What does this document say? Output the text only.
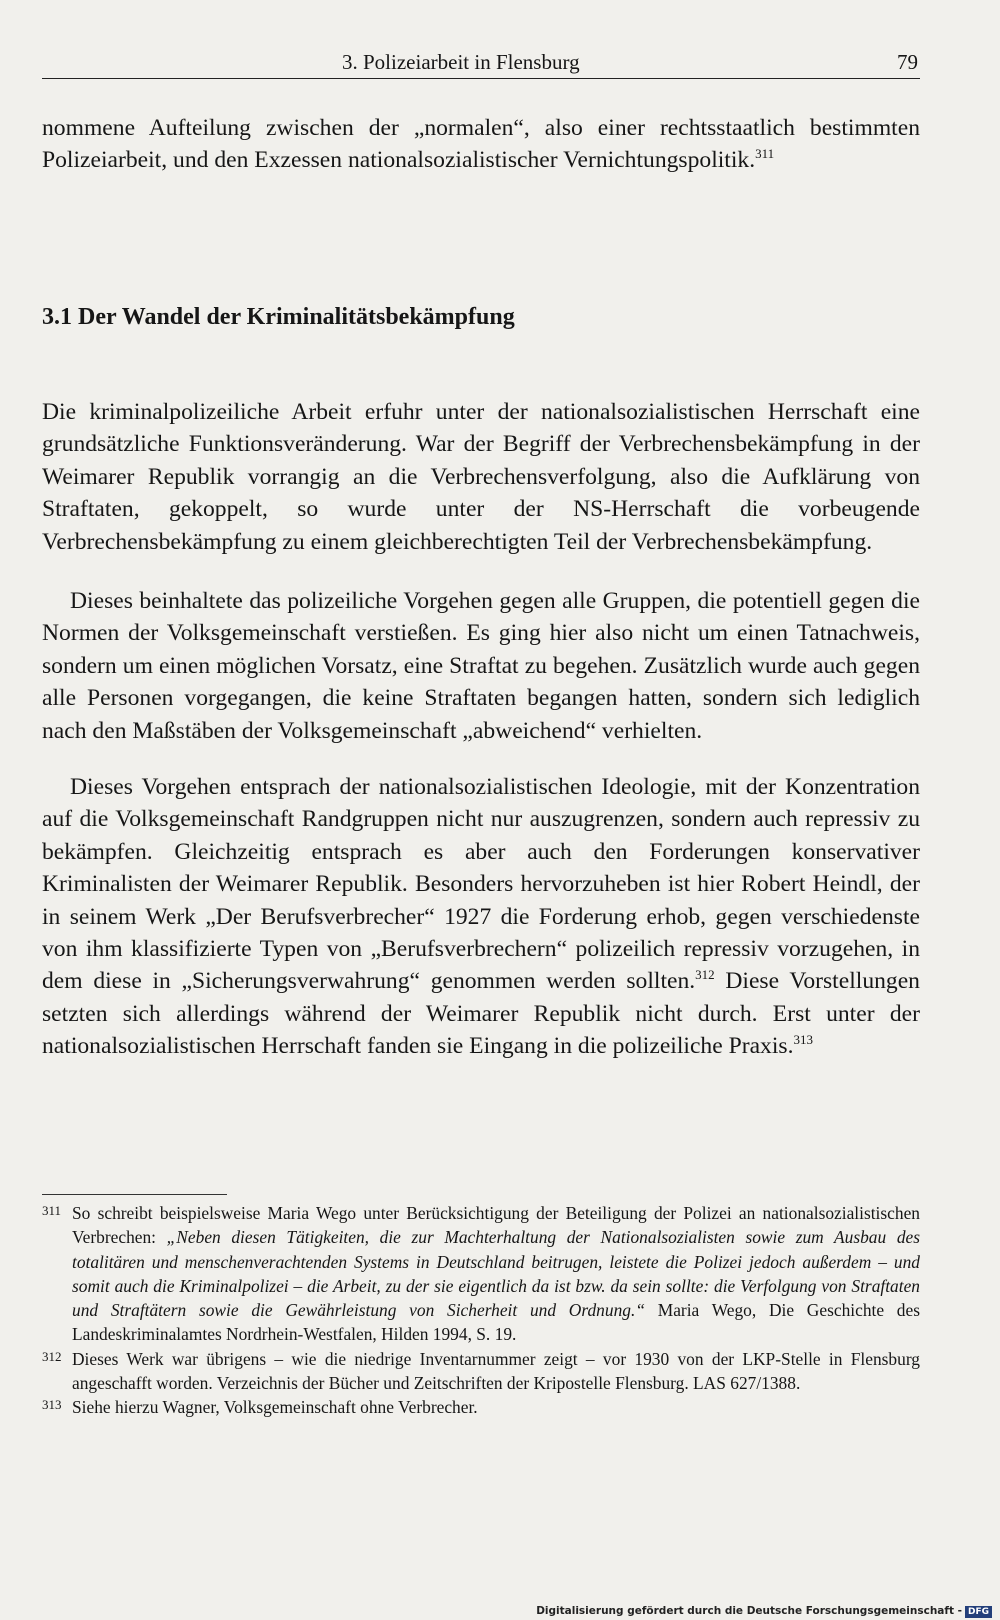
3. Polizeiarbeit in Flensburg	79

nommene Aufteilung zwischen der „normalen“, also einer rechtsstaatlich bestimmten Polizeiarbeit, und den Exzessen nationalsozialistischer Vernichtungspolitik.$^{311}$

3.1 Der Wandel der Kriminalitätsbekämpfung

Die kriminalpolizeiliche Arbeit erfuhr unter der nationalsozialistischen Herrschaft eine grundsätzliche Funktionsveränderung. War der Begriff der Verbrechensbekämpfung in der Weimarer Republik vorrangig an die Verbrechensverfolgung, also die Aufklärung von Straftaten, gekoppelt, so wurde unter der NS-Herrschaft die vorbeugende Verbrechensbekämpfung zu einem gleichberechtigten Teil der Verbrechensbekämpfung.

Dieses beinhaltete das polizeiliche Vorgehen gegen alle Gruppen, die potentiell gegen die Normen der Volksgemeinschaft verstießen. Es ging hier also nicht um einen Tatnachweis, sondern um einen möglichen Vorsatz, eine Straftat zu begehen. Zusätzlich wurde auch gegen alle Personen vorgegangen, die keine Straftaten begangen hatten, sondern sich lediglich nach den Maßstäben der Volksgemeinschaft „abweichend“ verhielten.

Dieses Vorgehen entsprach der nationalsozialistischen Ideologie, mit der Konzentration auf die Volksgemeinschaft Randgruppen nicht nur auszugrenzen, sondern auch repressiv zu bekämpfen. Gleichzeitig entsprach es aber auch den Forderungen konservativer Kriminalisten der Weimarer Republik. Besonders hervorzuheben ist hier Robert Heindl, der in seinem Werk „Der Berufsverbrecher“ 1927 die Forderung erhob, gegen verschiedenste von ihm klassifizierte Typen von „Berufsverbrechern“ polizeilich repressiv vorzugehen, in dem diese in „Sicherungsverwahrung“ genommen werden sollten.$^{312}$ Diese Vorstellungen setzten sich allerdings während der Weimarer Republik nicht durch. Erst unter der nationalsozialistischen Herrschaft fanden sie Eingang in die polizeiliche Praxis.$^{313}$

311 So schreibt beispielsweise Maria Wego unter Berücksichtigung der Beteiligung der Polizei an nationalsozialistischen Verbrechen: „Neben diesen Tätigkeiten, die zur Machterhaltung der Nationalsozialisten sowie zum Ausbau des totalitären und menschenverachtenden Systems in Deutschland beitrugen, leistete die Polizei jedoch außerdem – und somit auch die Kriminalpolizei – die Arbeit, zu der sie eigentlich da ist bzw. da sein sollte: die Verfolgung von Straftaten und Straftätern sowie die Gewährleistung von Sicherheit und Ordnung.“ Maria Wego, Die Geschichte des Landeskriminalamtes Nordrhein-Westfalen, Hilden 1994, S. 19.
312 Dieses Werk war übrigens – wie die niedrige Inventarnummer zeigt – vor 1930 von der LKP-Stelle in Flensburg angeschafft worden. Verzeichnis der Bücher und Zeitschriften der Kripostelle Flensburg. LAS 627/1388.
313 Siehe hierzu Wagner, Volksgemeinschaft ohne Verbrecher.
Digitalisierung gefördert durch die Deutsche Forschungsgemeinschaft - DFG
